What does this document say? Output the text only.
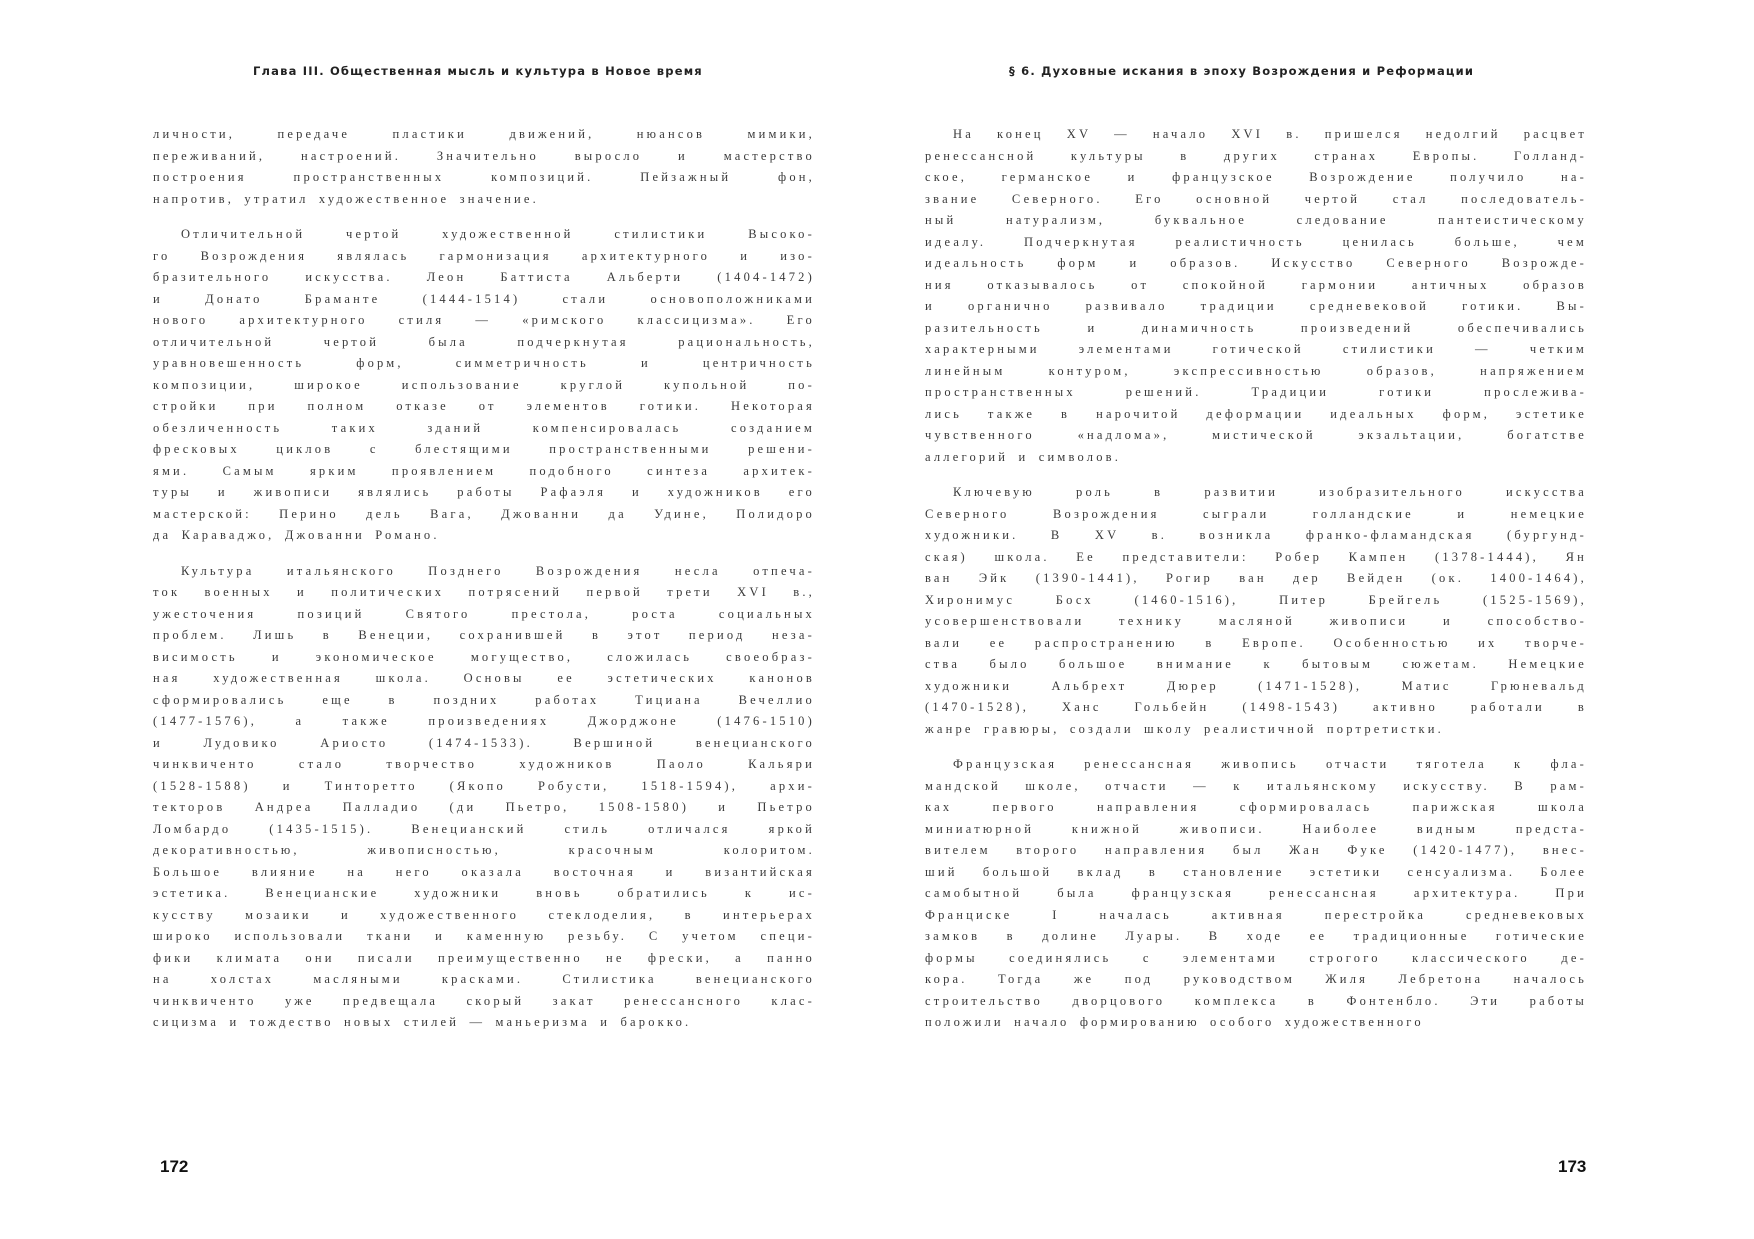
Глава III. Общественная мысль и культура в Новое время
личности, передаче пластики движений, нюансов мимики,
переживаний, настроений. Значительно выросло и мастерство
построения пространственных композиций. Пейзажный фон,
напротив, утратил художественное значение.
Отличительной чертой художественной стилистики Высоко-
го Возрождения являлась гармонизация архитектурного и изо-
бразительного искусства. Леон Баттиста Альберти (1404-1472)
и Донато Браманте (1444-1514) стали основоположниками
нового архитектурного стиля — «римского классицизма». Его
отличительной чертой была подчеркнутая рациональность,
уравновешенность форм, симметричность и центричность
композиции, широкое использование круглой купольной по-
стройки при полном отказе от элементов готики. Некоторая
обезличенность таких зданий компенсировалась созданием
фресковых циклов с блестящими пространственными решени-
ями. Самым ярким проявлением подобного синтеза архитек-
туры и живописи являлись работы Рафаэля и художников его
мастерской: Перино дель Вага, Джованни да Удине, Полидоро
да Караваджо, Джованни Романо.
Культура итальянского Позднего Возрождения несла отпеча-
ток военных и политических потрясений первой трети XVI в.,
ужесточения позиций Святого престола, роста социальных
проблем. Лишь в Венеции, сохранившей в этот период неза-
висимость и экономическое могущество, сложилась своеобраз-
ная художественная школа. Основы ее эстетических канонов
сформировались еще в поздних работах Тициана Вечеллио
(1477-1576), а также произведениях Джорджоне (1476-1510)
и Лудовико Ариосто (1474-1533). Вершиной венецианского
чинквиченто стало творчество художников Паоло Кальяри
(1528-1588) и Тинторетто (Якопо Робусти, 1518-1594), архи-
текторов Андреа Палладио (ди Пьетро, 1508-1580) и Пьетро
Ломбардо (1435-1515). Венецианский стиль отличался яркой
декоративностью, живописностью, красочным колоритом.
Большое влияние на него оказала восточная и византийская
эстетика. Венецианские художники вновь обратились к ис-
кусству мозаики и художественного стеклоделия, в интерьерах
широко использовали ткани и каменную резьбу. С учетом специ-
фики климата они писали преимущественно не фрески, а панно
на холстах масляными красками. Стилистика венецианского
чинквиченто уже предвещала скорый закат ренессансного клас-
сицизма и тождество новых стилей — маньеризма и барокко.
172
§ 6. Духовные искания в эпоху Возрождения и Реформации
На конец XV — начало XVI в. пришелся недолгий расцвет
ренессансной культуры в других странах Европы. Голланд-
ское, германское и французское Возрождение получило на-
звание Северного. Его основной чертой стал последователь-
ный натурализм, буквальное следование пантеистическому
идеалу. Подчеркнутая реалистичность ценилась больше, чем
идеальность форм и образов. Искусство Северного Возрожде-
ния отказывалось от спокойной гармонии античных образов
и органично развивало традиции средневековой готики. Вы-
разительность и динамичность произведений обеспечивались
характерными элементами готической стилистики — четким
линейным контуром, экспрессивностью образов, напряжением
пространственных решений. Традиции готики прослежива-
лись также в нарочитой деформации идеальных форм, эстетике
чувственного «надлома», мистической экзальтации, богатстве
аллегорий и символов.
Ключевую роль в развитии изобразительного искусства
Северного Возрождения сыграли голландские и немецкие
художники. В XV в. возникла франко-фламандская (бургунд-
ская) школа. Ее представители: Робер Кампен (1378-1444), Ян
ван Эйк (1390-1441), Рогир ван дер Вейден (ок. 1400-1464),
Хиронимус Босх (1460-1516), Питер Брейгель (1525-1569),
усовершенствовали технику масляной живописи и способство-
вали ее распространению в Европе. Особенностью их творче-
ства было большое внимание к бытовым сюжетам. Немецкие
художники Альбрехт Дюрер (1471-1528), Матис Грюневальд
(1470-1528), Ханс Гольбейн (1498-1543) активно работали в
жанре гравюры, создали школу реалистичной портретистки.
Французская ренессансная живопись отчасти тяготела к фла-
мандской школе, отчасти — к итальянскому искусству. В рам-
ках первого направления сформировалась парижская школа
миниатюрной книжной живописи. Наиболее видным предста-
вителем второго направления был Жан Фуке (1420-1477), внес-
ший большой вклад в становление эстетики сенсуализма. Более
самобытной была французская ренессансная архитектура. При
Франциске I началась активная перестройка средневековых
замков в долине Луары. В ходе ее традиционные готические
формы соединялись с элементами строгого классического де-
кора. Тогда же под руководством Жиля Лебретона началось
строительство дворцового комплекса в Фонтенбло. Эти работы
положили начало формированию особого художественного
173
